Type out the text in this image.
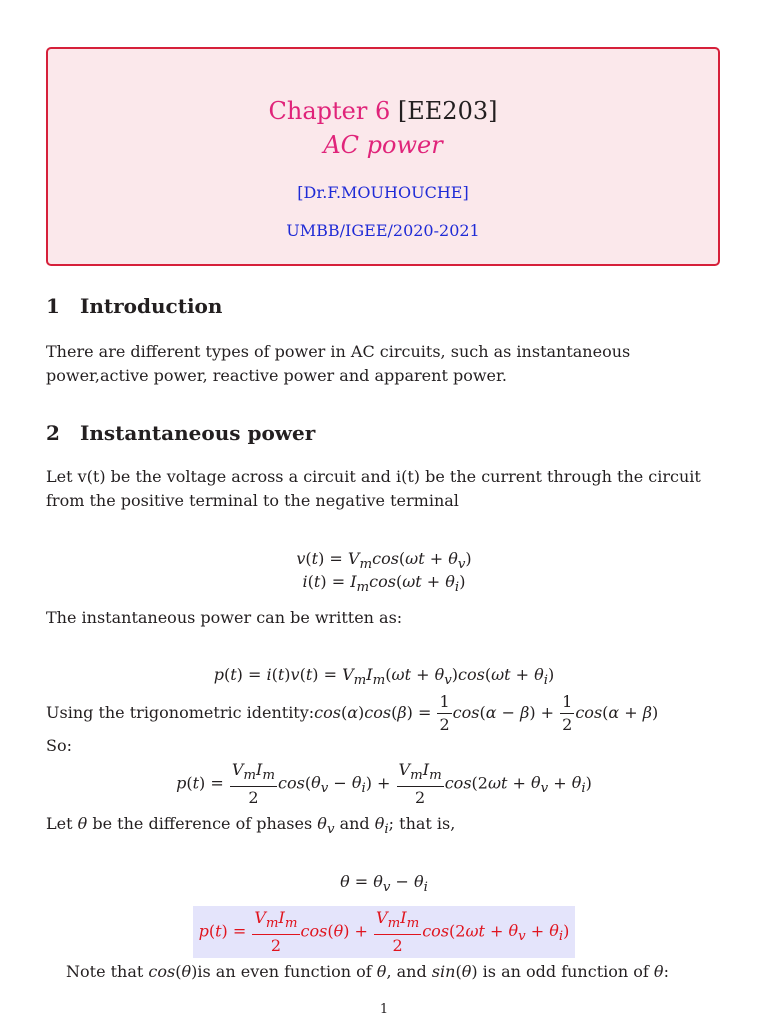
Chapter 6 [EE203]
AC power
[Dr.F.MOUHOUCHE]
UMBB/IGEE/2020-2021
1 Introduction
There are different types of power in AC circuits, such as instantaneous power,active power, reactive power and apparent power.
2 Instantaneous power
Let v(t) be the voltage across a circuit and i(t) be the current through the circuit from the positive terminal to the negative terminal
$v(t) = V_m\cos(\omega t + \theta_v)$
$i(t) = I_m\cos(\omega t + \theta_i)$
The instantaneous power can be written as:
$p(t) = i(t)v(t) = V_mI_m(\omega t + \theta_v)\cos(\omega t + \theta_i)$
Using the trigonometric identity:cos(α)cos(β) = $\frac{1}{2} \cos(\alpha - \beta) + \frac{1}{2} \cos(\alpha + \beta)$
So:
$p(t) = \frac{V_mI_m}{2} \cos(\theta_v - \theta_i) + \frac{V_mI_m}{2} \cos(2\omega t + \theta_v + \theta_i)$
Let θ be the difference of phases $\theta_v$ and $\theta_i$; that is,
$\theta = \theta_v - \theta_i$
$p(t) = \frac{V_mI_m}{2} \cos(\theta) + \frac{V_mI_m}{2} \cos(2\omega t + \theta_v + \theta_i)$
Note that cos(θ)is an even function of θ, and sin(θ) is an odd function of θ:
1
